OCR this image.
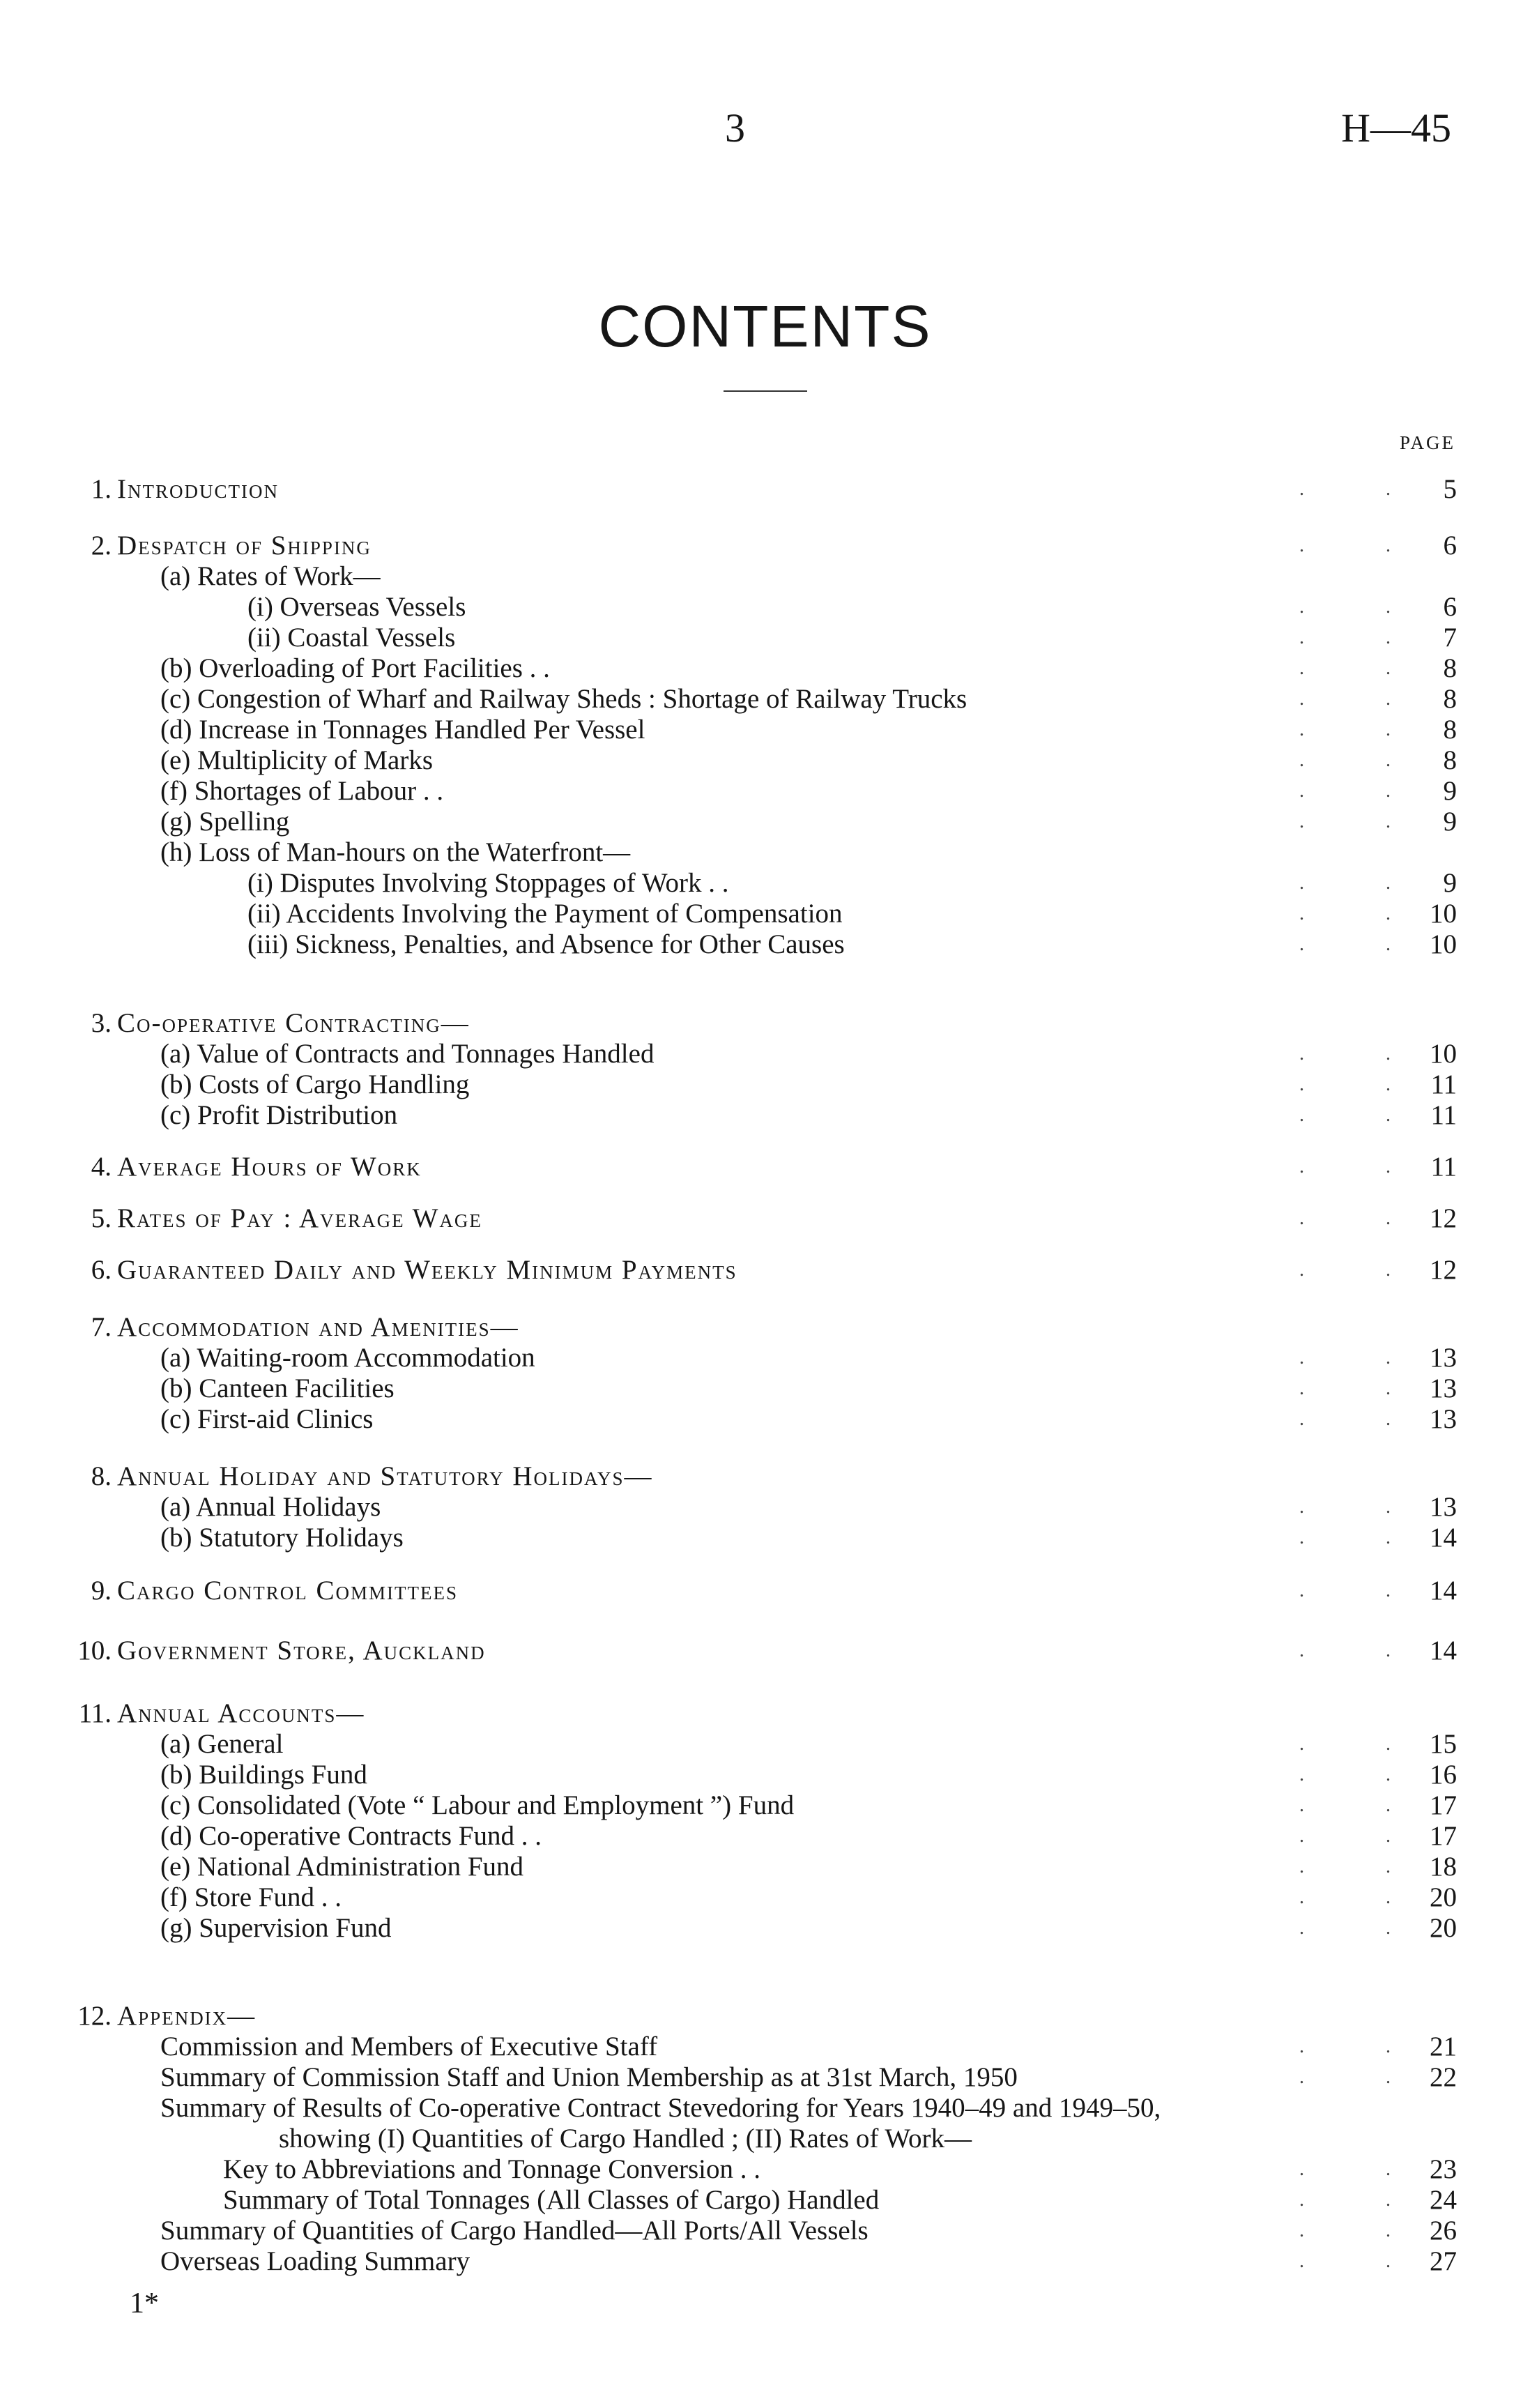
3	H—45
CONTENTS
PAGE
1. Introduction	. . 5
2. Despatch of Shipping	. . 6
(a) Rates of Work—
(i) Overseas Vessels	. . 6
(ii) Coastal Vessels	. . 7
(b) Overloading of Port Facilities . .	. . 8
(c) Congestion of Wharf and Railway Sheds : Shortage of Railway Trucks	. . 8
(d) Increase in Tonnages Handled Per Vessel	. . 8
(e) Multiplicity of Marks	. . 8
(f) Shortages of Labour . .	. . 9
(g) Spelling	. . 9
(h) Loss of Man-hours on the Waterfront—
(i) Disputes Involving Stoppages of Work . .	. . 9
(ii) Accidents Involving the Payment of Compensation	. . 10
(iii) Sickness, Penalties, and Absence for Other Causes	. . 10
3. Co-operative Contracting—
(a) Value of Contracts and Tonnages Handled	. . 10
(b) Costs of Cargo Handling	. . 11
(c) Profit Distribution	. . 11
4. Average Hours of Work	. . 11
5. Rates of Pay : Average Wage	. . 12
6. Guaranteed Daily and Weekly Minimum Payments	. . 12
7. Accommodation and Amenities—
(a) Waiting-room Accommodation	. . 13
(b) Canteen Facilities	. . 13
(c) First-aid Clinics	. . 13
8. Annual Holiday and Statutory Holidays—
(a) Annual Holidays	. . 13
(b) Statutory Holidays	. . 14
9. Cargo Control Committees	. . 14
10. Government Store, Auckland	. . 14
11. Annual Accounts—
(a) General	. . 15
(b) Buildings Fund	. . 16
(c) Consolidated (Vote “ Labour and Employment ”) Fund	. . 17
(d) Co-operative Contracts Fund . .	. . 17
(e) National Administration Fund	. . 18
(f) Store Fund . .	. . 20
(g) Supervision Fund	. . 20
12. Appendix—
Commission and Members of Executive Staff	. . 21
Summary of Commission Staff and Union Membership as at 31st March, 1950	. . 22
Summary of Results of Co-operative Contract Stevedoring for Years 1940–49 and 1949–50,
showing (I) Quantities of Cargo Handled ; (II) Rates of Work—
Key to Abbreviations and Tonnage Conversion . .	. . 23
Summary of Total Tonnages (All Classes of Cargo) Handled	. . 24
Summary of Quantities of Cargo Handled—All Ports/All Vessels	. . 26
Overseas Loading Summary	. . 27
1*
